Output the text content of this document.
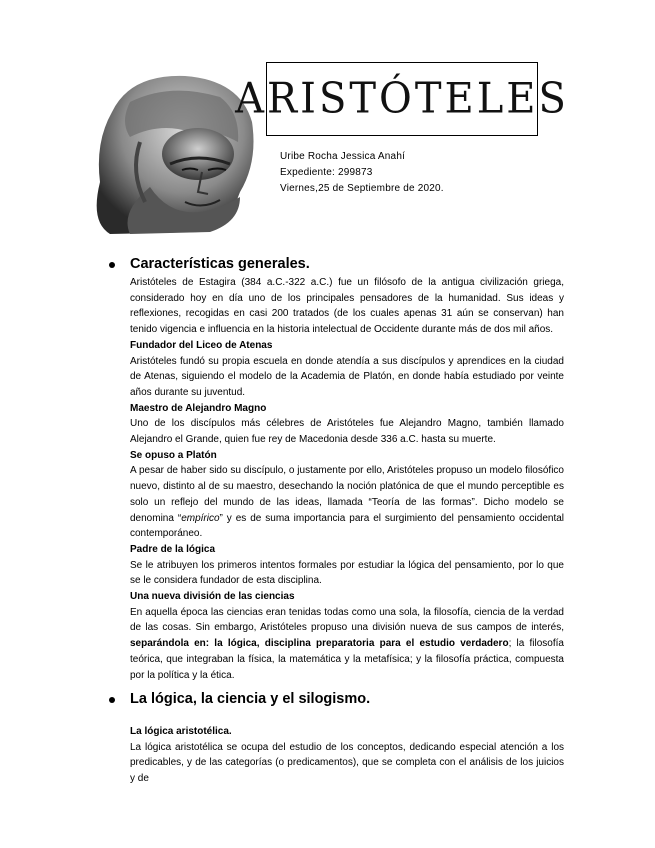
ARISTÓTELES
Uribe Rocha Jessica Anahí
Expediente: 299873
Viernes,25 de Septiembre de 2020.
Características generales.

Aristóteles de Estagira (384 a.C.-322 a.C.) fue un filósofo de la antigua civilización griega, considerado hoy en día uno de los principales pensadores de la humanidad. Sus ideas y reflexiones, recogidas en casi 200 tratados (de los cuales apenas 31 aún se conservan) han tenido vigencia e influencia en la historia intelectual de Occidente durante más de dos mil años.

Fundador del Liceo de Atenas

Aristóteles fundó su propia escuela en donde atendía a sus discípulos y aprendices en la ciudad de Atenas, siguiendo el modelo de la Academia de Platón, en donde había estudiado por veinte años durante su juventud.

Maestro de Alejandro Magno

Uno de los discípulos más célebres de Aristóteles fue Alejandro Magno, también llamado Alejandro el Grande, quien fue rey de Macedonia desde 336 a.C. hasta su muerte.

Se opuso a Platón

A pesar de haber sido su discípulo, o justamente por ello, Aristóteles propuso un modelo filosófico nuevo, distinto al de su maestro, desechando la noción platónica de que el mundo perceptible es solo un reflejo del mundo de las ideas, llamada “Teoría de las formas”. Dicho modelo se denomina “empírico” y es de suma importancia para el surgimiento del pensamiento occidental contemporáneo.

Padre de la lógica

Se le atribuyen los primeros intentos formales por estudiar la lógica del pensamiento, por lo que se le considera fundador de esta disciplina.

Una nueva división de las ciencias

En aquella época las ciencias eran tenidas todas como una sola, la filosofía, ciencia de la verdad de las cosas. Sin embargo, Aristóteles propuso una división nueva de sus campos de interés, separándola en: la lógica, disciplina preparatoria para el estudio verdadero; la filosofía teórica, que integraban la física, la matemática y la metafísica; y la filosofía práctica, compuesta por la política y la ética.

La lógica, la ciencia y el silogismo.

La lógica aristotélica.

La lógica aristotélica se ocupa del estudio de los conceptos, dedicando especial atención a los predicables, y de las categorías (o predicamentos), que se completa con el análisis de los juicios y de
